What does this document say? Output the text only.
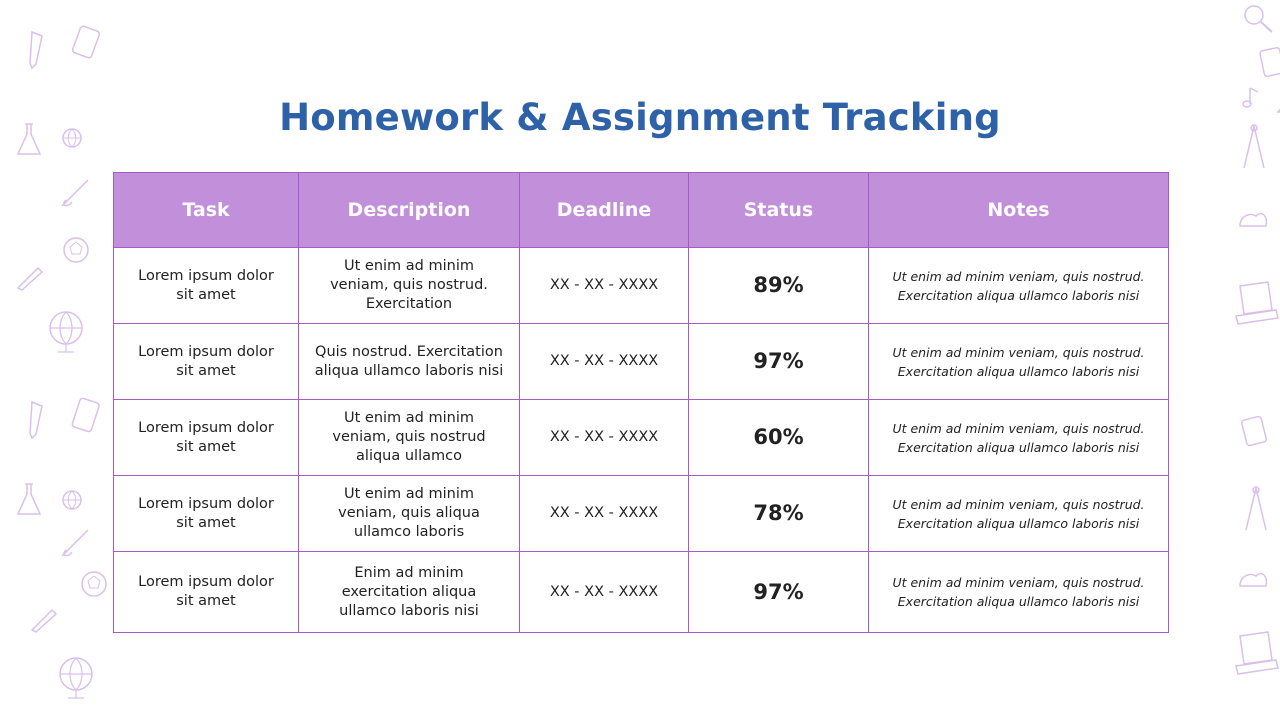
Homework & Assignment Tracking
Task	Description	Deadline	Status	Notes
Lorem ipsum dolor sit amet	Ut enim ad minim veniam, quis nostrud. Exercitation	XX - XX - XXXX	89%	Ut enim ad minim veniam, quis nostrud. Exercitation aliqua ullamco laboris nisi
Lorem ipsum dolor sit amet	Quis nostrud. Exercitation aliqua ullamco laboris nisi	XX - XX - XXXX	97%	Ut enim ad minim veniam, quis nostrud. Exercitation aliqua ullamco laboris nisi
Lorem ipsum dolor sit amet	Ut enim ad minim veniam, quis nostrud aliqua ullamco	XX - XX - XXXX	60%	Ut enim ad minim veniam, quis nostrud. Exercitation aliqua ullamco laboris nisi
Lorem ipsum dolor sit amet	Ut enim ad minim veniam, quis aliqua ullamco laboris	XX - XX - XXXX	78%	Ut enim ad minim veniam, quis nostrud. Exercitation aliqua ullamco laboris nisi
Lorem ipsum dolor sit amet	Enim ad minim exercitation aliqua ullamco laboris nisi	XX - XX - XXXX	97%	Ut enim ad minim veniam, quis nostrud. Exercitation aliqua ullamco laboris nisi
